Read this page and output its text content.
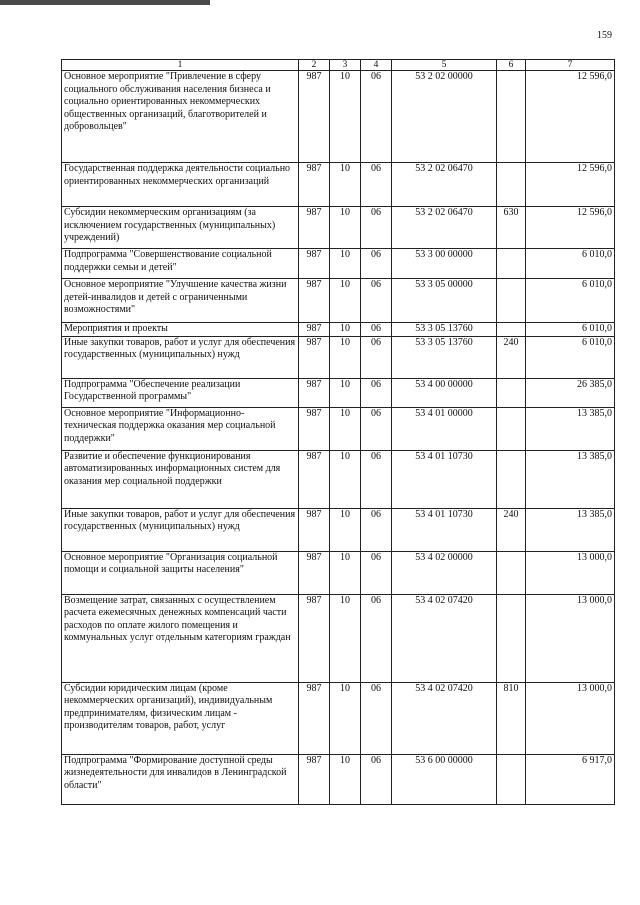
159
1	2	3	4	5	6	7
Основное мероприятие "Привлечение в сферу социального обслуживания населения бизнеса и социально ориентированных некоммерческих общественных организаций, благотворителей и добровольцев"	987	10	06	53 2 02 00000		12 596,0
Государственная поддержка деятельности социально ориентированных некоммерческих организаций	987	10	06	53 2 02 06470		12 596,0
Субсидии некоммерческим организациям (за исключением государственных (муниципальных) учреждений)	987	10	06	53 2 02 06470	630	12 596,0
Подпрограмма "Совершенствование социальной поддержки семьи и детей"	987	10	06	53 3 00 00000		6 010,0
Основное мероприятие "Улучшение качества жизни детей-инвалидов и детей с ограниченными возможностями"	987	10	06	53 3 05 00000		6 010,0
Мероприятия и проекты	987	10	06	53 3 05 13760		6 010,0
Иные закупки товаров, работ и услуг для обеспечения государственных (муниципальных) нужд	987	10	06	53 3 05 13760	240	6 010,0
Подпрограмма "Обеспечение реализации Государственной программы"	987	10	06	53 4 00 00000		26 385,0
Основное мероприятие "Информационно-техническая поддержка оказания мер социальной поддержки"	987	10	06	53 4 01 00000		13 385,0
Развитие и обеспечение функционирования автоматизированных информационных систем для оказания мер социальной поддержки	987	10	06	53 4 01 10730		13 385,0
Иные закупки товаров, работ и услуг для обеспечения государственных (муниципальных) нужд	987	10	06	53 4 01 10730	240	13 385,0
Основное мероприятие "Организация социальной помощи и социальной защиты населения"	987	10	06	53 4 02 00000		13 000,0
Возмещение затрат, связанных с осуществлением расчета ежемесячных денежных компенсаций части расходов по оплате жилого помещения и коммунальных услуг отдельным категориям граждан	987	10	06	53 4 02 07420		13 000,0
Субсидии юридическим лицам (кроме некоммерческих организаций), индивидуальным предпринимателям, физическим лицам - производителям товаров, работ, услуг	987	10	06	53 4 02 07420	810	13 000,0
Подпрограмма "Формирование доступной среды жизнедеятельности для инвалидов в Ленинградской области"	987	10	06	53 6 00 00000		6 917,0
